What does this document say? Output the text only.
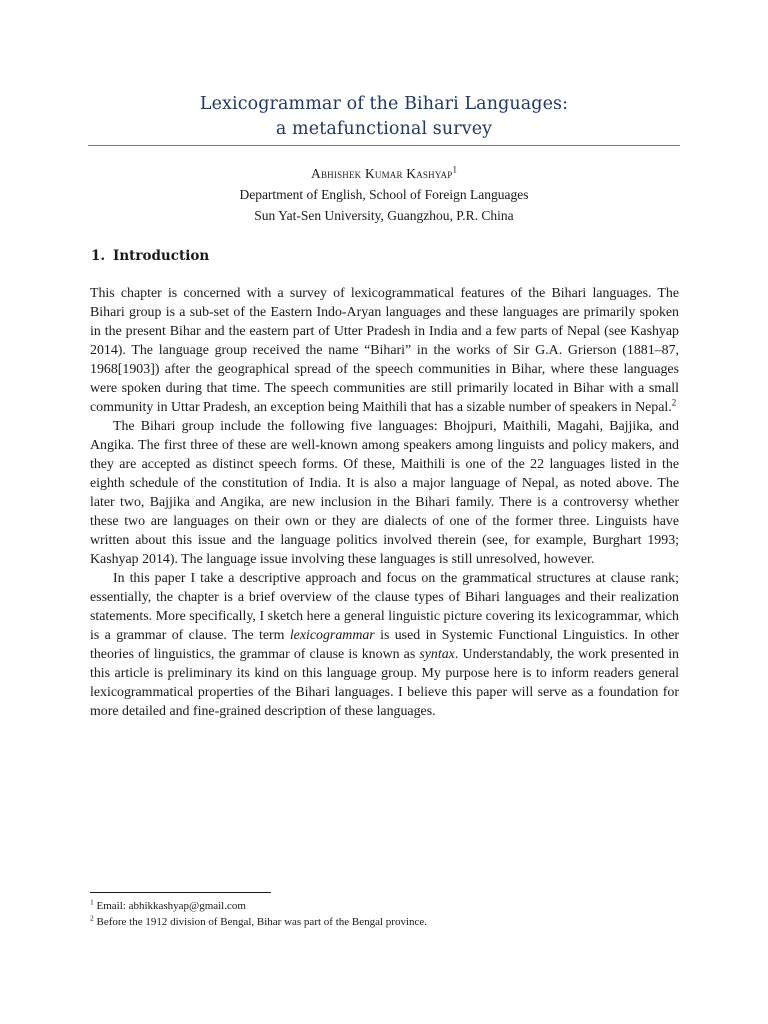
Lexicogrammar of the Bihari Languages:
a metafunctional survey
Abhishek Kumar Kashyap$^1$
Department of English, School of Foreign Languages
Sun Yat-Sen University, Guangzhou, P.R. China
1. Introduction

This chapter is concerned with a survey of lexicogrammatical features of the Bihari languages. The Bihari group is a sub-set of the Eastern Indo-Aryan languages and these languages are primarily spoken in the present Bihar and the eastern part of Utter Pradesh in India and a few parts of Nepal (see Kashyap 2014). The language group received the name “Bihari” in the works of Sir G.A. Grierson (1881–87, 1968[1903]) after the geographical spread of the speech communities in Bihar, where these languages were spoken during that time. The speech communities are still primarily located in Bihar with a small community in Uttar Pradesh, an exception being Maithili that has a sizable number of speakers in Nepal.$^2$

The Bihari group include the following five languages: Bhojpuri, Maithili, Magahi, Bajjika, and Angika. The first three of these are well-known among speakers among linguists and policy makers, and they are accepted as distinct speech forms. Of these, Maithili is one of the 22 languages listed in the eighth schedule of the constitution of India. It is also a major language of Nepal, as noted above. The later two, Bajjika and Angika, are new inclusion in the Bihari family. There is a controversy whether these two are languages on their own or they are dialects of one of the former three. Linguists have written about this issue and the language politics involved therein (see, for example, Burghart 1993; Kashyap 2014). The language issue involving these languages is still unresolved, however.

In this paper I take a descriptive approach and focus on the grammatical structures at clause rank; essentially, the chapter is a brief overview of the clause types of Bihari languages and their realization statements. More specifically, I sketch here a general linguistic picture covering its lexicogrammar, which is a grammar of clause. The term lexicogrammar is used in Systemic Functional Linguistics. In other theories of linguistics, the grammar of clause is known as syntax. Understandably, the work presented in this article is preliminary its kind on this language group. My purpose here is to inform readers general lexicogrammatical properties of the Bihari languages. I believe this paper will serve as a foundation for more detailed and fine-grained description of these languages.

$^1$ Email: abhikkashyap@gmail.com
$^2$ Before the 1912 division of Bengal, Bihar was part of the Bengal province.
